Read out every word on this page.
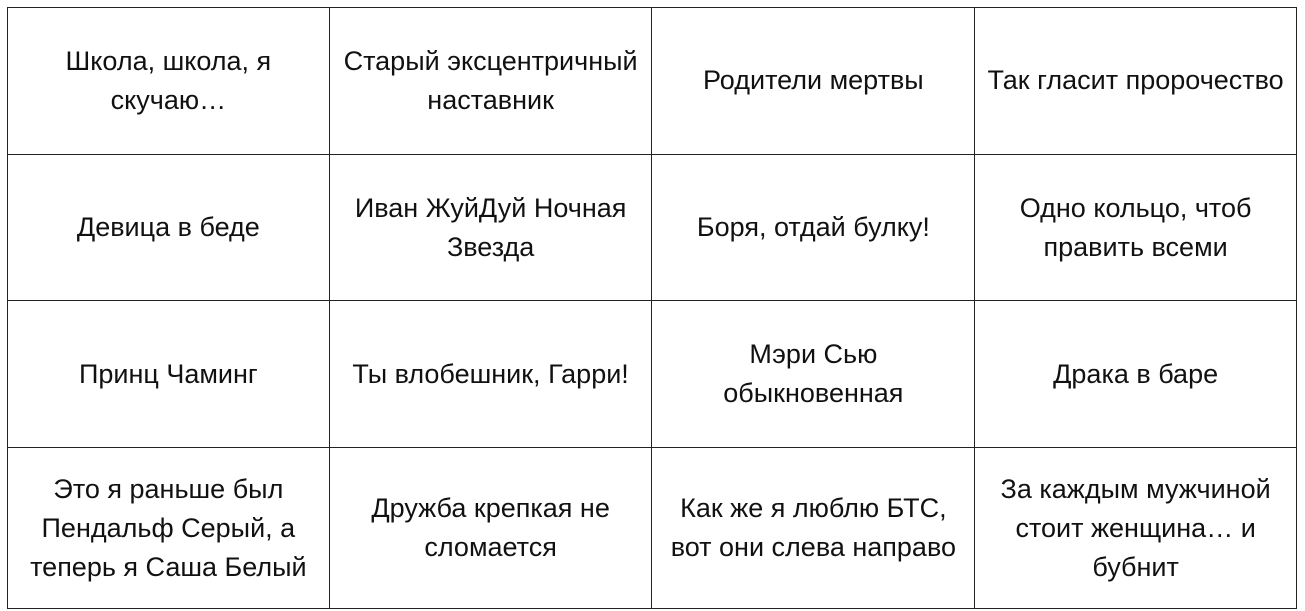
Школа, школа, я скучаю…	Старый эксцентричный наставник	Родители мертвы	Так гласит пророчество
Девица в беде	Иван ЖуйДуй Ночная Звезда	Боря, отдай булку!	Одно кольцо, чтоб править всеми
Принц Чаминг	Ты влобешник, Гарри!	Мэри Сью обыкновенная	Драка в баре
Это я раньше был Пендальф Серый, а теперь я Саша Белый	Дружба крепкая не сломается	Как же я люблю БТС, вот они слева направо	За каждым мужчиной стоит женщина… и бубнит
